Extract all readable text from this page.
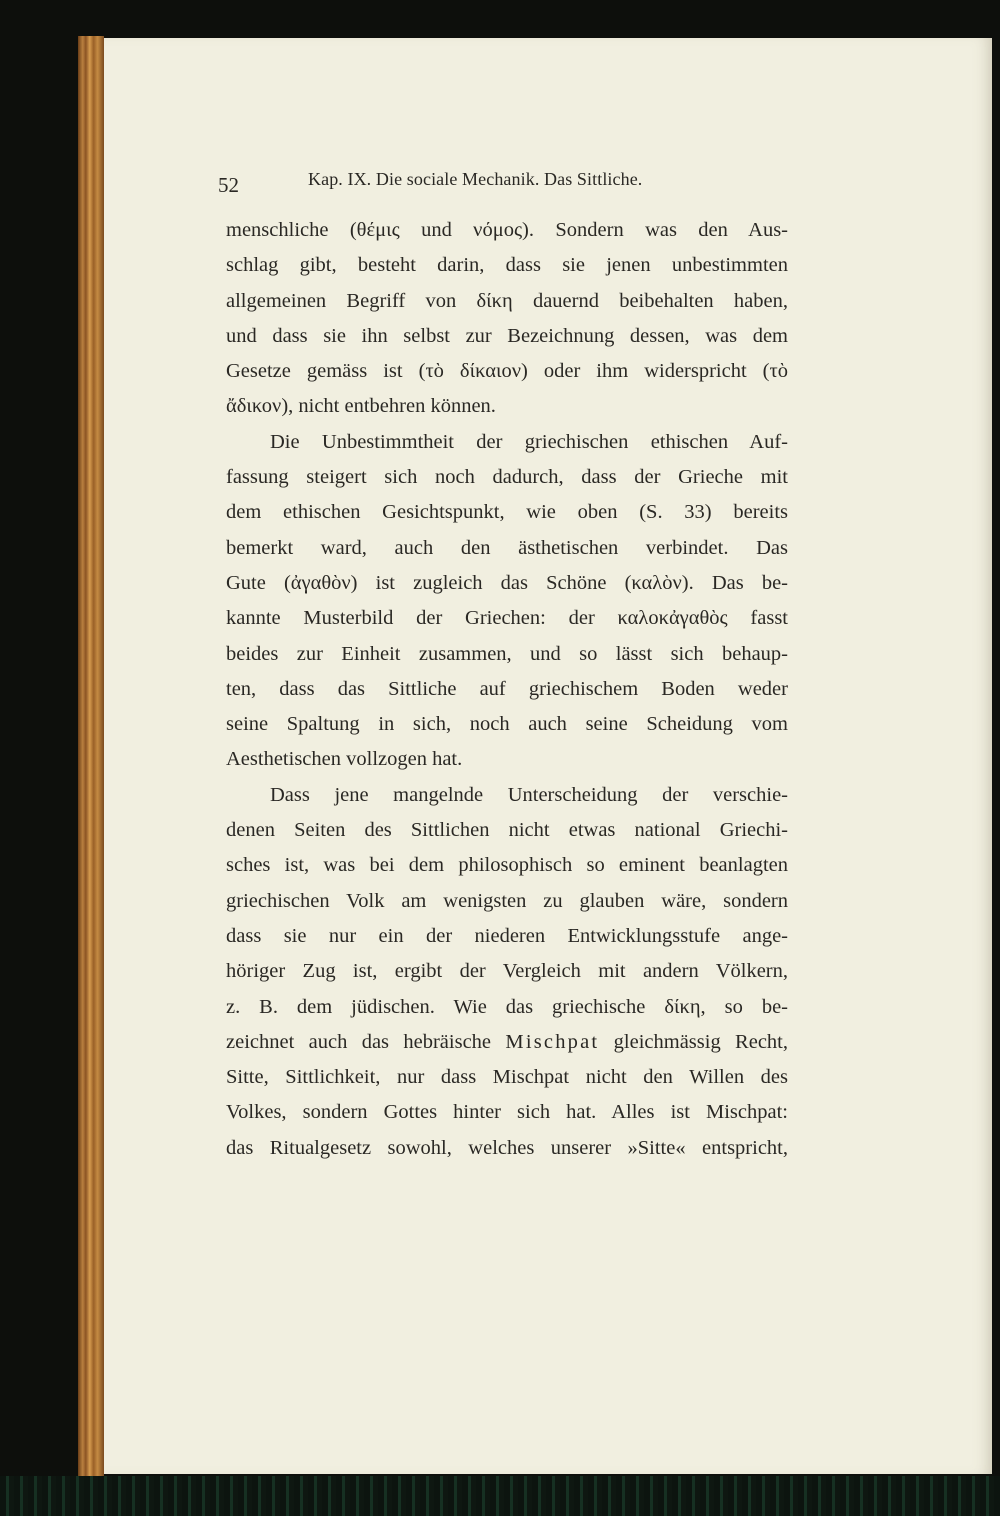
52	Kap. IX. Die sociale Mechanik. Das Sittliche.
menschliche (θέμις und νόμος). Sondern was den Aus-
schlag gibt, besteht darin, dass sie jenen unbestimmten
allgemeinen Begriff von δίκη dauernd beibehalten haben,
und dass sie ihn selbst zur Bezeichnung dessen, was dem
Gesetze gemäss ist (τὸ δίκαιον) oder ihm widerspricht (τὸ
ἄδικον), nicht entbehren können.
Die Unbestimmtheit der griechischen ethischen Auf-
fassung steigert sich noch dadurch, dass der Grieche mit
dem ethischen Gesichtspunkt, wie oben (S. 33) bereits
bemerkt ward, auch den ästhetischen verbindet. Das
Gute (ἀγαθὸν) ist zugleich das Schöne (καλὸν). Das be-
kannte Musterbild der Griechen: der καλοκἀγαθὸς fasst
beides zur Einheit zusammen, und so lässt sich behaup-
ten, dass das Sittliche auf griechischem Boden weder
seine Spaltung in sich, noch auch seine Scheidung vom
Aesthetischen vollzogen hat.
Dass jene mangelnde Unterscheidung der verschie-
denen Seiten des Sittlichen nicht etwas national Griechi-
sches ist, was bei dem philosophisch so eminent beanlagten
griechischen Volk am wenigsten zu glauben wäre, sondern
dass sie nur ein der niederen Entwicklungsstufe ange-
höriger Zug ist, ergibt der Vergleich mit andern Völkern,
z. B. dem jüdischen. Wie das griechische δίκη, so be-
zeichnet auch das hebräische Mischpat gleichmässig Recht,
Sitte, Sittlichkeit, nur dass Mischpat nicht den Willen des
Volkes, sondern Gottes hinter sich hat. Alles ist Mischpat:
das Ritualgesetz sowohl, welches unserer »Sitte« entspricht,
